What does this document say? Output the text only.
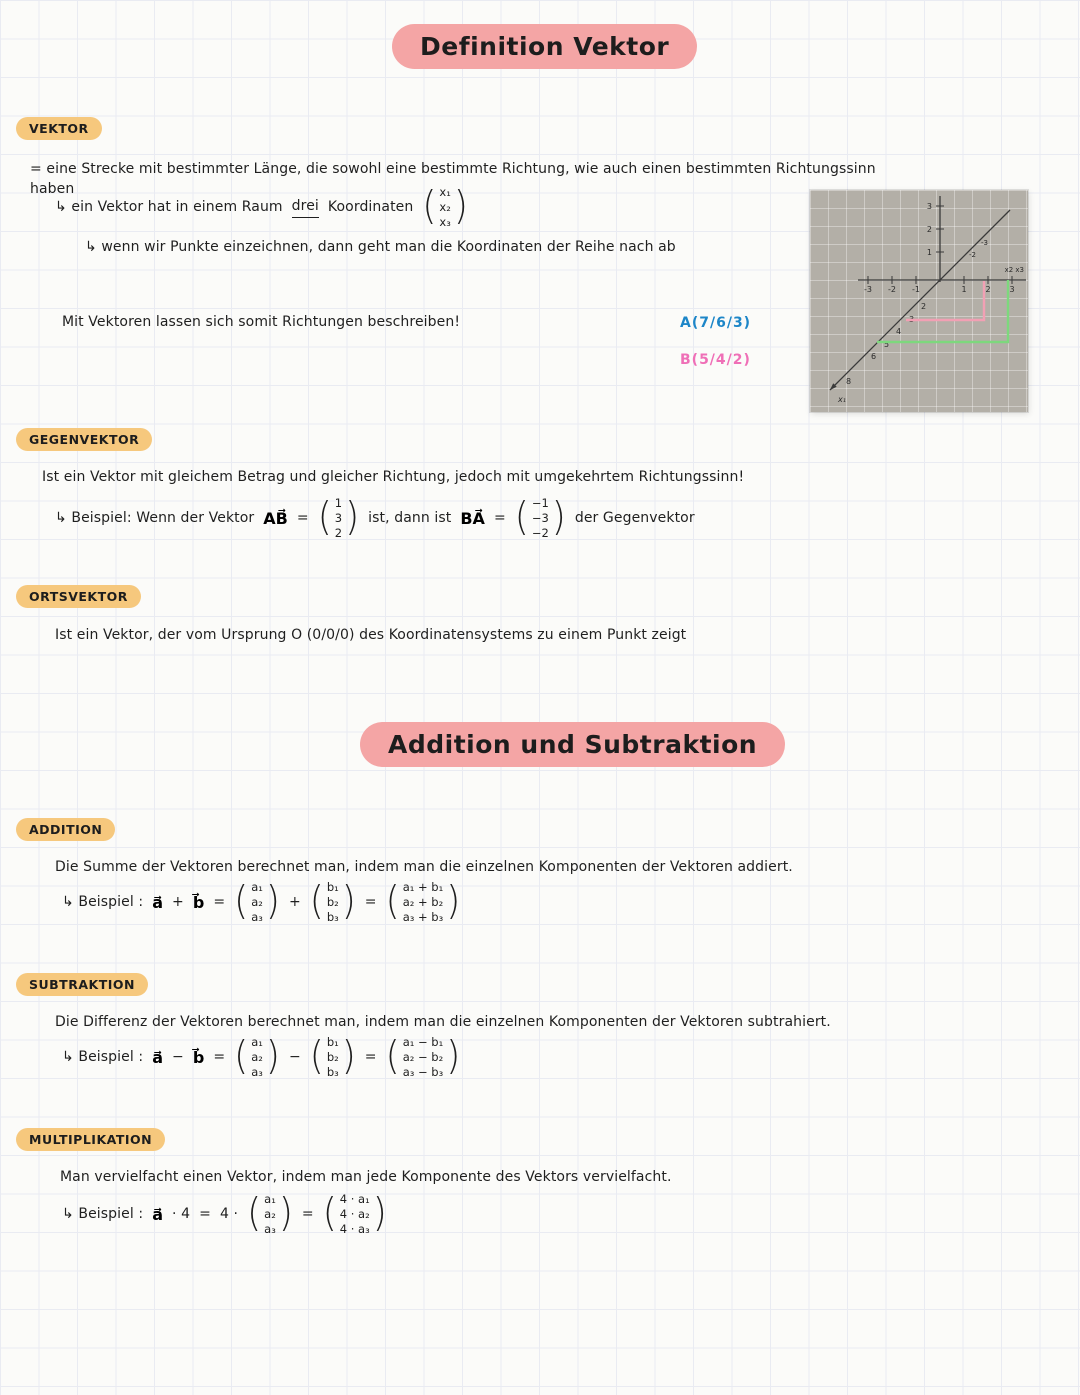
Definition Vektor
VEKTOR
= eine Strecke mit bestimmter Länge, die sowohl eine bestimmte Richtung, wie auch einen bestimmten Richtungssinn haben
↳ ein Vektor hat in einem Raum drei Koordinaten ( x₁
x₂
x₃ )
↳ wenn wir Punkte einzeichnen, dann geht man die Koordinaten der Reihe nach ab
Mit Vektoren lassen sich somit Richtungen beschreiben!	A(7/6/3)
B(5/4/2)
3
2
1
-3 -2 -1	1 2 3
x2 x3
-2
-3
2
3
4
5
6
8
x₁
GEGENVEKTOR
Ist ein Vektor mit gleichem Betrag und gleicher Richtung, jedoch mit umgekehrtem Richtungssinn!
↳ Beispiel: Wenn der Vektor AB⃗ = ( 1
3
2 ) ist, dann ist BA⃗ = ( −1
−3
−2 ) der Gegenvektor
ORTSVEKTOR
Ist ein Vektor, der vom Ursprung O (0/0/0) des Koordinatensystems zu einem Punkt zeigt
Addition und Subtraktion
ADDITION
Die Summe der Vektoren berechnet man, indem man die einzelnen Komponenten der Vektoren addiert.
↳ Beispiel : a⃗ + b⃗ = ( a₁
a₂
a₃ ) + ( b₁
b₂
b₃ ) = ( a₁ + b₁
a₂ + b₂
a₃ + b₃ )
SUBTRAKTION
Die Differenz der Vektoren berechnet man, indem man die einzelnen Komponenten der Vektoren subtrahiert.
↳ Beispiel : a⃗ − b⃗ = ( a₁
a₂
a₃ ) − ( b₁
b₂
b₃ ) = ( a₁ − b₁
a₂ − b₂
a₃ − b₃ )
MULTIPLIKATION
Man vervielfacht einen Vektor, indem man jede Komponente des Vektors vervielfacht.
↳ Beispiel : a⃗ · 4 = 4 · ( a₁
a₂
a₃ ) = ( 4 · a₁
4 · a₂
4 · a₃ )
